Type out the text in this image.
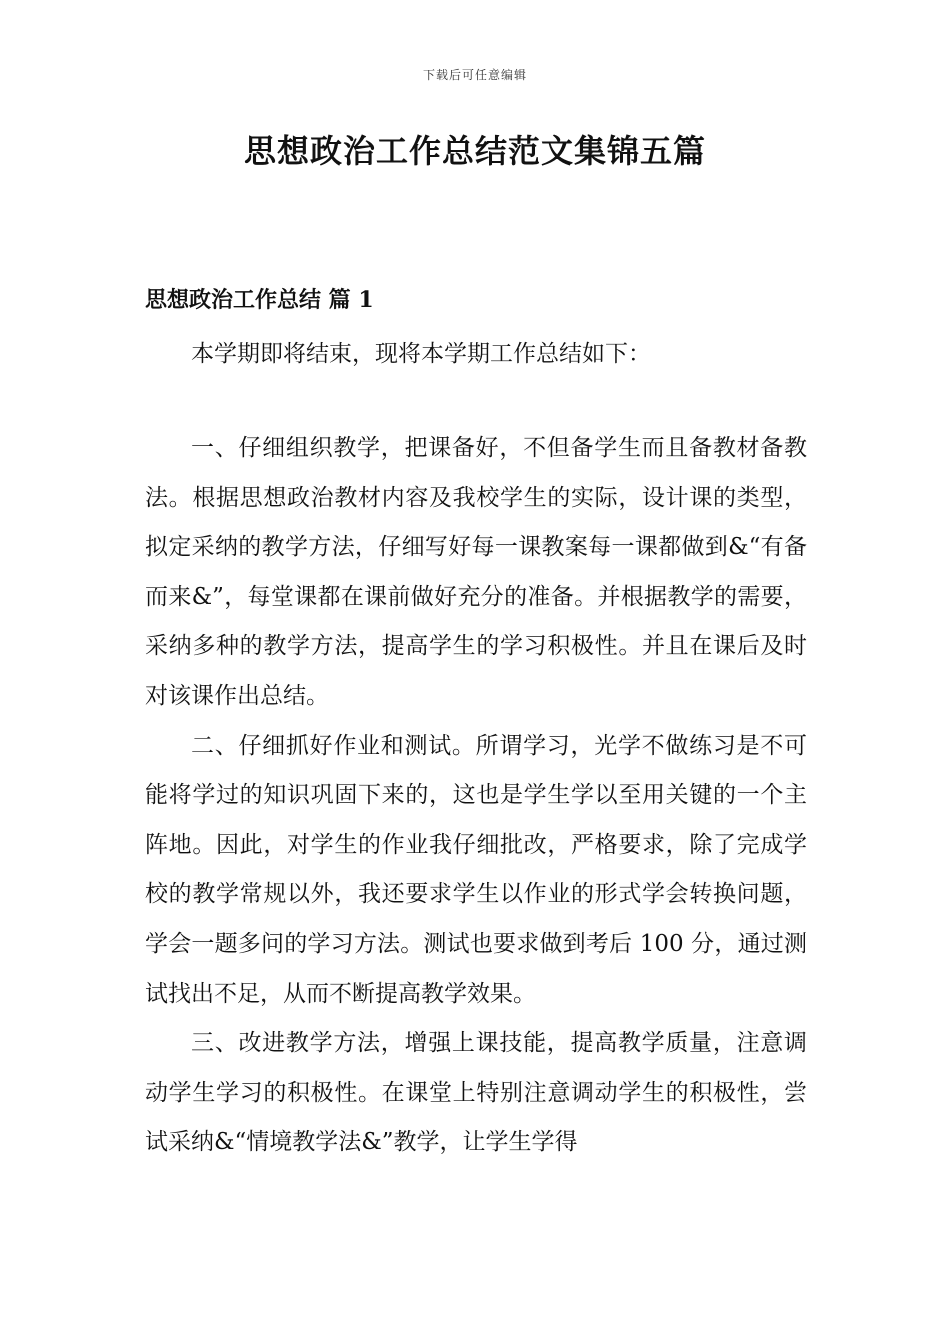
下载后可任意编辑
思想政治工作总结范文集锦五篇
思想政治工作总结 篇 1

本学期即将结束，现将本学期工作总结如下：

一、仔细组织教学，把课备好，不但备学生而且备教材备教法。根据思想政治教材内容及我校学生的实际，设计课的类型，拟定采纳的教学方法，仔细写好每一课教案每一课都做到&“有备而来&”，每堂课都在课前做好充分的准备。并根据教学的需要，采纳多种的教学方法，提高学生的学习积极性。并且在课后及时对该课作出总结。

二、仔细抓好作业和测试。所谓学习，光学不做练习是不可能将学过的知识巩固下来的，这也是学生学以至用关键的一个主阵地。因此，对学生的作业我仔细批改，严格要求，除了完成学校的教学常规以外，我还要求学生以作业的形式学会转换问题，学会一题多问的学习方法。测试也要求做到考后 100 分，通过测试找出不足，从而不断提高教学效果。

三、改进教学方法，增强上课技能，提高教学质量，注意调动学生学习的积极性。在课堂上特别注意调动学生的积极性，尝试采纳&“情境教学法&”教学，让学生学得
